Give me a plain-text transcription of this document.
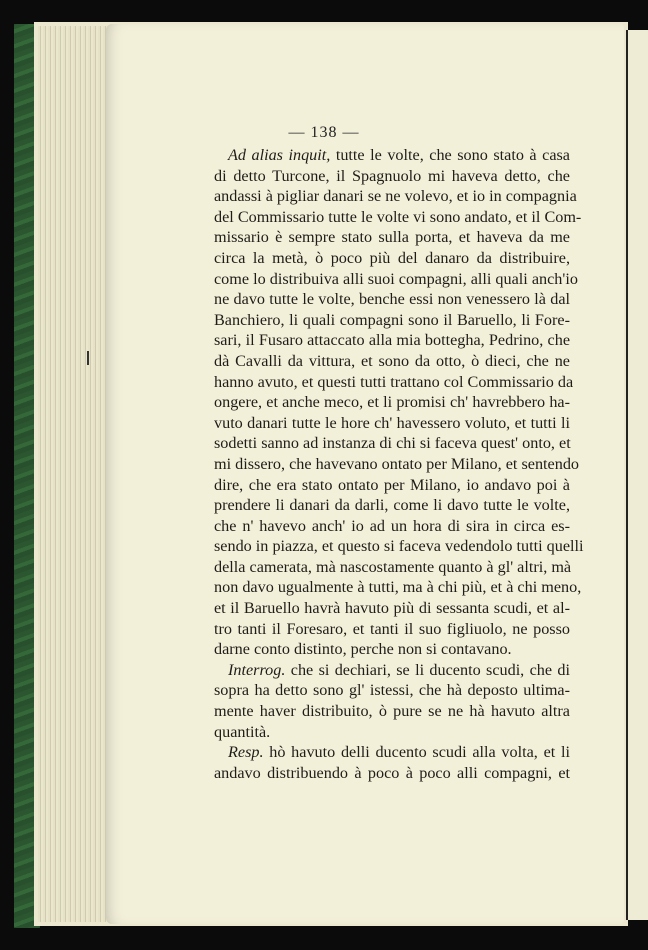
— 138 —
Ad alias inquit, tutte le volte, che sono stato à casa
di detto Turcone, il Spagnuolo mi haveva detto, che
andassi à pigliar danari se ne volevo, et io in compagnia
del Commissario tutte le volte vi sono andato, et il Com-
missario è sempre stato sulla porta, et haveva da me
circa la metà, ò poco più del danaro da distribuire,
come lo distribuiva alli suoi compagni, alli quali anch'io
ne davo tutte le volte, benche essi non venessero là dal
Banchiero, li quali compagni sono il Baruello, li Fore-
sari, il Fusaro attaccato alla mia botteghа, Pedrino, che
dà Cavalli da vittura, et sono da otto, ò dieci, che ne
hanno avuto, et questi tutti trattano col Commissario da
ongere, et anche meco, et li promisi ch' havrebbero ha-
vuto danari tutte le hore ch' havessero voluto, et tutti li
sodetti sanno ad instanza di chi si faceva quest' onto, et
mi dissero, che havevano ontato per Milano, et sentendo
dire, che era stato ontato per Milano, io andavo poi à
prendere li danari da darli, come li davo tutte le volte,
che n' havevo anch' io ad un hora di sira in circa es-
sendo in piazza, et questo si faceva vedendolo tutti quelli
della camerata, mà nascostamente quanto à gl' altri, mà
non davo ugualmente à tutti, ma à chi più, et à chi meno,
et il Baruello havrà havuto più di sessanta scudi, et al-
tro tanti il Foresaro, et tanti il suo figliuolo, ne posso
darne conto distinto, perche non si contavano.
Interrog. che si dechiari, se li ducento scudi, che di
sopra ha detto sono gl' istessi, che hà deposto ultima-
mente haver distribuito, ò pure se ne hà havuto altra
quantità.
Resp. hò havuto delli ducento scudi alla volta, et li
andavo distribuendo à poco à poco alli compagni, et
